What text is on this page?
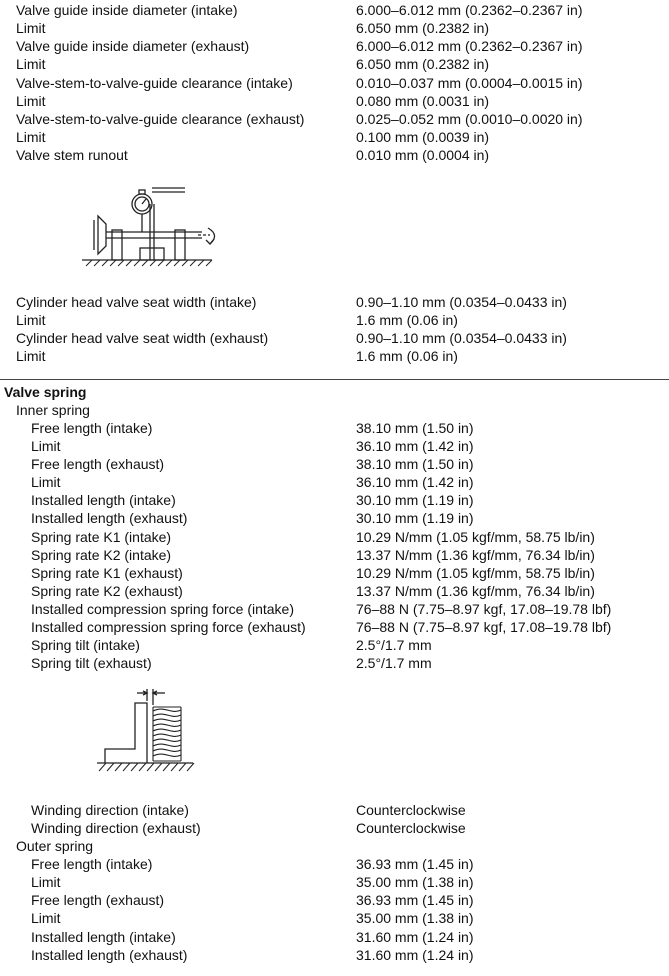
Valve guide inside diameter (intake)	6.000–6.012 mm (0.2362–0.2367 in)
Limit	6.050 mm (0.2382 in)
Valve guide inside diameter (exhaust)	6.000–6.012 mm (0.2362–0.2367 in)
Limit	6.050 mm (0.2382 in)
Valve-stem-to-valve-guide clearance (intake)	0.010–0.037 mm (0.0004–0.0015 in)
Limit	0.080 mm (0.0031 in)
Valve-stem-to-valve-guide clearance (exhaust)	0.025–0.052 mm (0.0010–0.0020 in)
Limit	0.100 mm (0.0039 in)
Valve stem runout	0.010 mm (0.0004 in)
Cylinder head valve seat width (intake)	0.90–1.10 mm (0.0354–0.0433 in)
Limit	1.6 mm (0.06 in)
Cylinder head valve seat width (exhaust)	0.90–1.10 mm (0.0354–0.0433 in)
Limit	1.6 mm (0.06 in)
Valve spring
Inner spring
Free length (intake)	38.10 mm (1.50 in)
Limit	36.10 mm (1.42 in)
Free length (exhaust)	38.10 mm (1.50 in)
Limit	36.10 mm (1.42 in)
Installed length (intake)	30.10 mm (1.19 in)
Installed length (exhaust)	30.10 mm (1.19 in)
Spring rate K1 (intake)	10.29 N/mm (1.05 kgf/mm, 58.75 lb/in)
Spring rate K2 (intake)	13.37 N/mm (1.36 kgf/mm, 76.34 lb/in)
Spring rate K1 (exhaust)	10.29 N/mm (1.05 kgf/mm, 58.75 lb/in)
Spring rate K2 (exhaust)	13.37 N/mm (1.36 kgf/mm, 76.34 lb/in)
Installed compression spring force (intake)	76–88 N (7.75–8.97 kgf, 17.08–19.78 lbf)
Installed compression spring force (exhaust)	76–88 N (7.75–8.97 kgf, 17.08–19.78 lbf)
Spring tilt (intake)	2.5°/1.7 mm
Spring tilt (exhaust)	2.5°/1.7 mm
Winding direction (intake)	Counterclockwise
Winding direction (exhaust)	Counterclockwise
Outer spring
Free length (intake)	36.93 mm (1.45 in)
Limit	35.00 mm (1.38 in)
Free length (exhaust)	36.93 mm (1.45 in)
Limit	35.00 mm (1.38 in)
Installed length (intake)	31.60 mm (1.24 in)
Installed length (exhaust)	31.60 mm (1.24 in)
